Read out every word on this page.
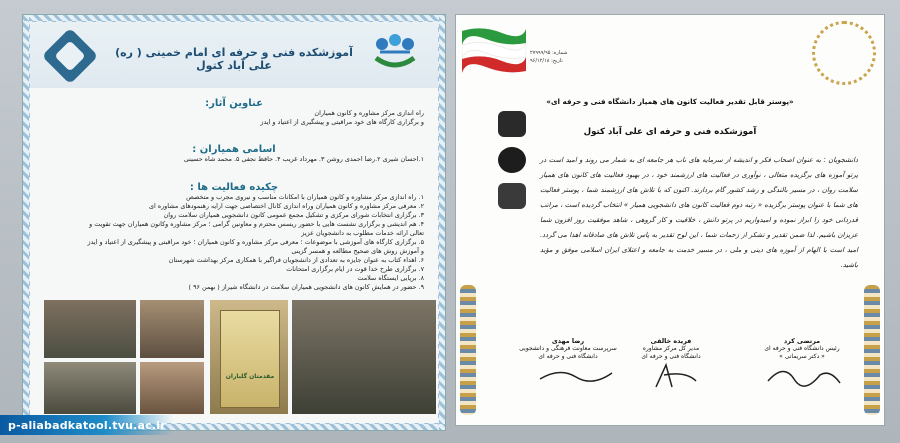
آموزشکده فنی و حرفه ای امام خمینی ( ره) علی آباد کتول

عناوین آثار:

راه اندازی مرکز مشاوره و کانون همیاران

و برگزاری کارگاه های خود مراقبتی و پیشگیری از اعتیاد و ایدز

اسامی همیاران :

۱.احسان شیری ۲.رضا احمدی روشن ۳. مهرداد غریب ۴. حافظ نجفی ۵. محمد شاه حسینی

چکیده فعالیت ها :

۱. راه اندازی مرکز مشاوره و کانون همیاران با امکانات مناسب و نیروی مجرب و متخصص

۲. معرفی مرکز مشاوره و کانون همیاران وراه اندازی کانال اختصاصی جهت ارایه رهنمودهای مشاوره ای

۳. برگزاری انتخابات شورای مرکزی و تشکیل مجمع عمومی کانون دانشجویی همیاران سلامت روان

۴. هم اندیشی و برگزاری نشست هایی با حضور ریسس محترم و معاونین گرامی ؛ مرکز مشاوره وکانون همیاران جهت تقویت و

تعالی ارائه خدمات مطلوب به دانشجویان عزیز

۵. برگزاری کارگاه های آموزشی با موضوعات ؛ معرفی مرکز مشاوره و کانون همیاران ؛ خود مراقبتی و پیشگیری از اعتیاد و ایدز

و آموزش روش های صحیح مطالعه و همسر گزینی

۶. اهداء کتاب به عنوان جایزه به تعدادی از دانشجویان فراگیر با همکاری مرکز بهداشت شهرستان

۷. برگزاری طرح خدا قوت در ایام برگزاری امتحانات

۸. برپایی ایستگاه سلامت

۹. حضور در همایش کانون های دانشجویی همیاران سلامت در دانشگاه شیراز ( بهمن ۹۶ )

مقدمتان گلباران
شماره: ۲۷۹۹۹/۹۵
تاریخ: ۹۶/۱۲/۱۸
«پوستر قابل تقدیر فعالیت کانون های همیار دانشگاه فنی و حرفه ای»
آموزشکده فنی و حرفه ای علی آباد کتول
دانشجویان : به عنوان اصحاب فکر و اندیشه از سرمایه های ناب هر جامعه ای به شمار می روند و امید است در پرتو آموزه های برگزیده متعالی ، نوآوری در فعالیت های ارزشمند خود ، در بهبود فعالیت های کانون های همیار سلامت روان ، در مسیر بالندگی و رشد کشور گام بردارند. اکنون که با تلاش های ارزشمند شما ، پوستر فعالیت های شما با عنوان پوستر برگزیده « رتبه دوم فعالیت کانون های دانشجویی همیار » انتخاب گردیده است ، مراتب قدردانی خود را ابراز نموده و امیدواریم در پرتو دانش ، خلاقیت و کار گروهی ، شاهد موفقیت روز افزون شما عزیزان باشیم. لذا ضمن تقدیر و تشکر از زحمات شما ، این لوح تقدیر به پاس تلاش های صادقانه اهدا می گردد. امید است با الهام از آموزه های دینی و ملی ، در مسیر خدمت به جامعه و اعتلای ایران اسلامی موفق و مؤید باشید.
مرتضی کرد
رئیس دانشگاه فنی و حرفه ای
« دکتر سریمانی »
فریده خالقی
مدیر کل مرکز مشاوره
دانشگاه فنی و حرفه ای
رضا مهدی
سرپرست معاونت فرهنگی و دانشجویی
دانشگاه فنی و حرفه ای
p-aliabadkatool.tvu.ac.ir
